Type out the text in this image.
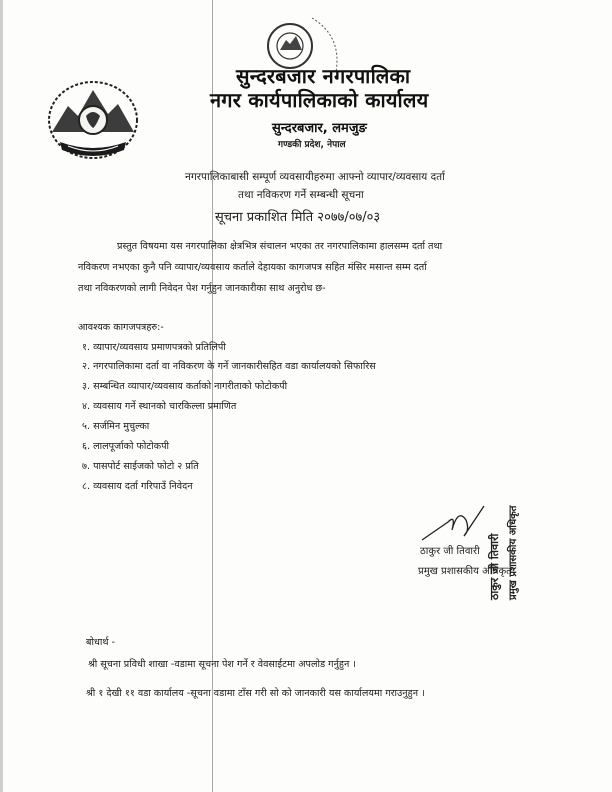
सुन्दरबजार नगरपालिका
नगर कार्यपालिकाको कार्यालय
सुन्दरबजार, लमजुङ
गण्डकी प्रदेश, नेपाल
नगरपालिकाबासी सम्पूर्ण व्यवसायीहरुमा आफ्नो व्यापार/व्यवसाय दर्ता
तथा नविकरण गर्ने सम्बन्धी सूचना
सूचना प्रकाशित मिति २०७७/०७/०३
प्रस्तुत विषयमा यस नगरपालिका क्षेत्रभित्र संचालन भएका तर नगरपालिकामा हालसम्म दर्ता तथा
नविकरण नभएका कुनै पनि व्यापार/व्यवसाय कर्ताले देहायका कागजपत्र सहित मंसिर मसान्त सम्म दर्ता
तथा नविकरणको लागी निवेदन पेश गर्नुहुन जानकारीका साथ अनुरोध छ-
आवश्यक कागजपत्रहरु:-
१. व्यापार/व्यवसाय प्रमाणपत्रको प्रतिलिपी
२. नगरपालिकामा दर्ता वा नविकरण के गर्ने जानकारीसहित वडा कार्यालयको सिफारिस
३. सम्बन्धित व्यापार/व्यवसाय कर्ताको नागरीताको फोटोकपी
४. व्यवसाय गर्ने स्थानको चारकिल्ला प्रमाणित
५. सर्जमिन मुचुल्का
६. लालपूर्जाको फोटोकपी
७. पासपोर्ट साईजको फोटो २ प्रति
८. व्यवसाय दर्ता गरिपाउँ निवेदन
ठाकुर जी तिवारी प्रमुख प्रशासकीय अधिकृत
ठाकुर जी तिवारी
प्रमुख प्रशासकीय अधिकृत
बोधार्थ -
श्री सूचना प्रविधी शाखा -वडामा सूचना पेश गर्ने र वेवसाईटमा अपलोड गर्नुहुन ।
श्री १ देखी ११ वडा कार्यालय -सूचना वडामा टाँस गरी सो को जानकारी यस कार्यालयमा गराउनुहुन ।
